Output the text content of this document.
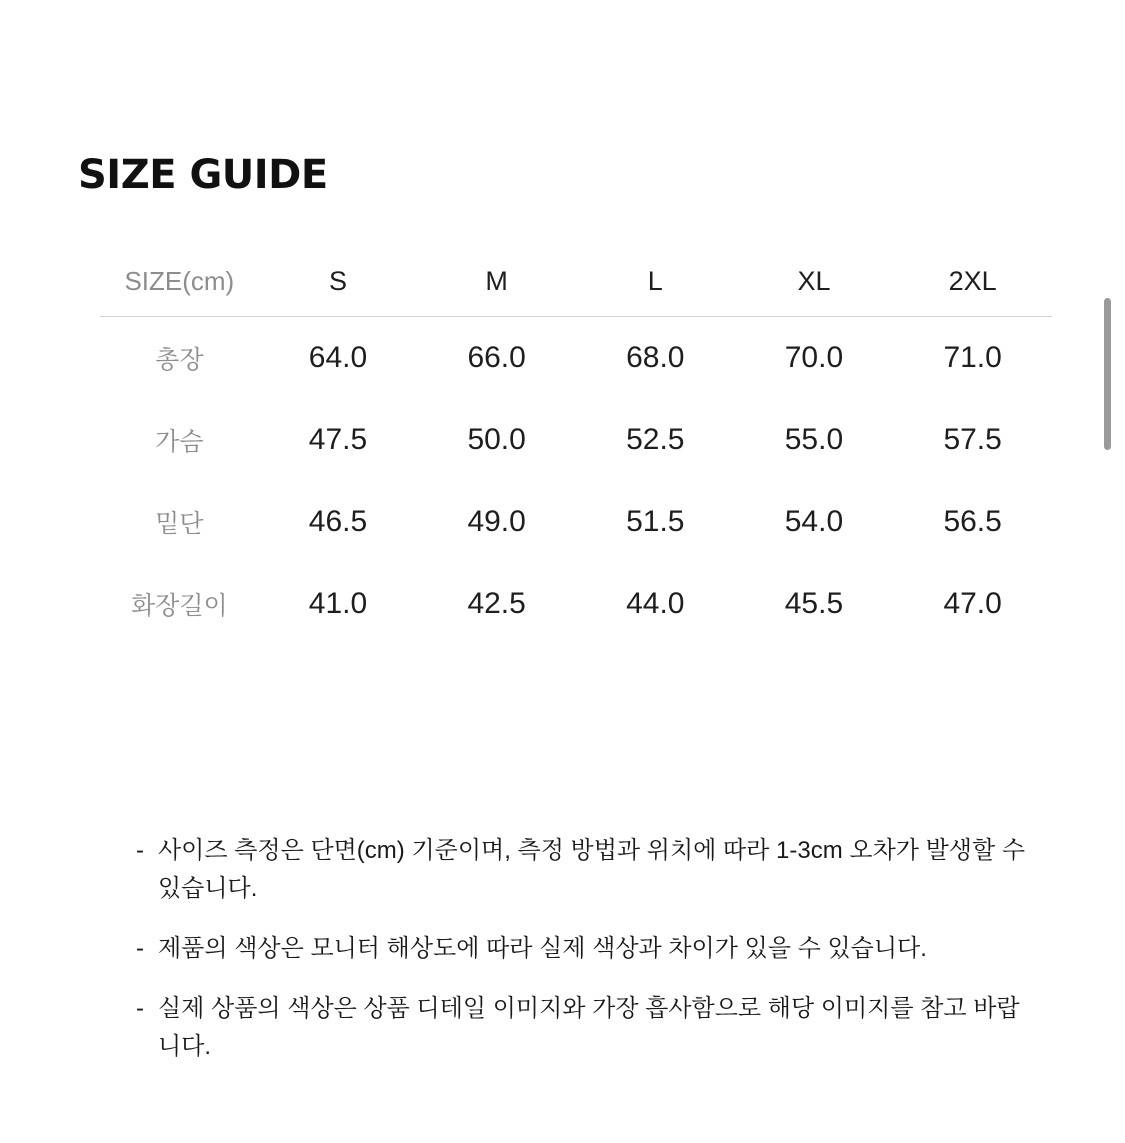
SIZE GUIDE
SIZE(cm)	S	M	L	XL	2XL
총장	64.0	66.0	68.0	70.0	71.0
가슴	47.5	50.0	52.5	55.0	57.5
밑단	46.5	49.0	51.5	54.0	56.5
화장길이	41.0	42.5	44.0	45.5	47.0
- 사이즈 측정은 단면(cm) 기준이며, 측정 방법과 위치에 따라 1-3cm 오차가 발생할 수 있습니다.
- 제품의 색상은 모니터 해상도에 따라 실제 색상과 차이가 있을 수 있습니다.
- 실제 상품의 색상은 상품 디테일 이미지와 가장 흡사함으로 해당 이미지를 참고 바랍니다.
